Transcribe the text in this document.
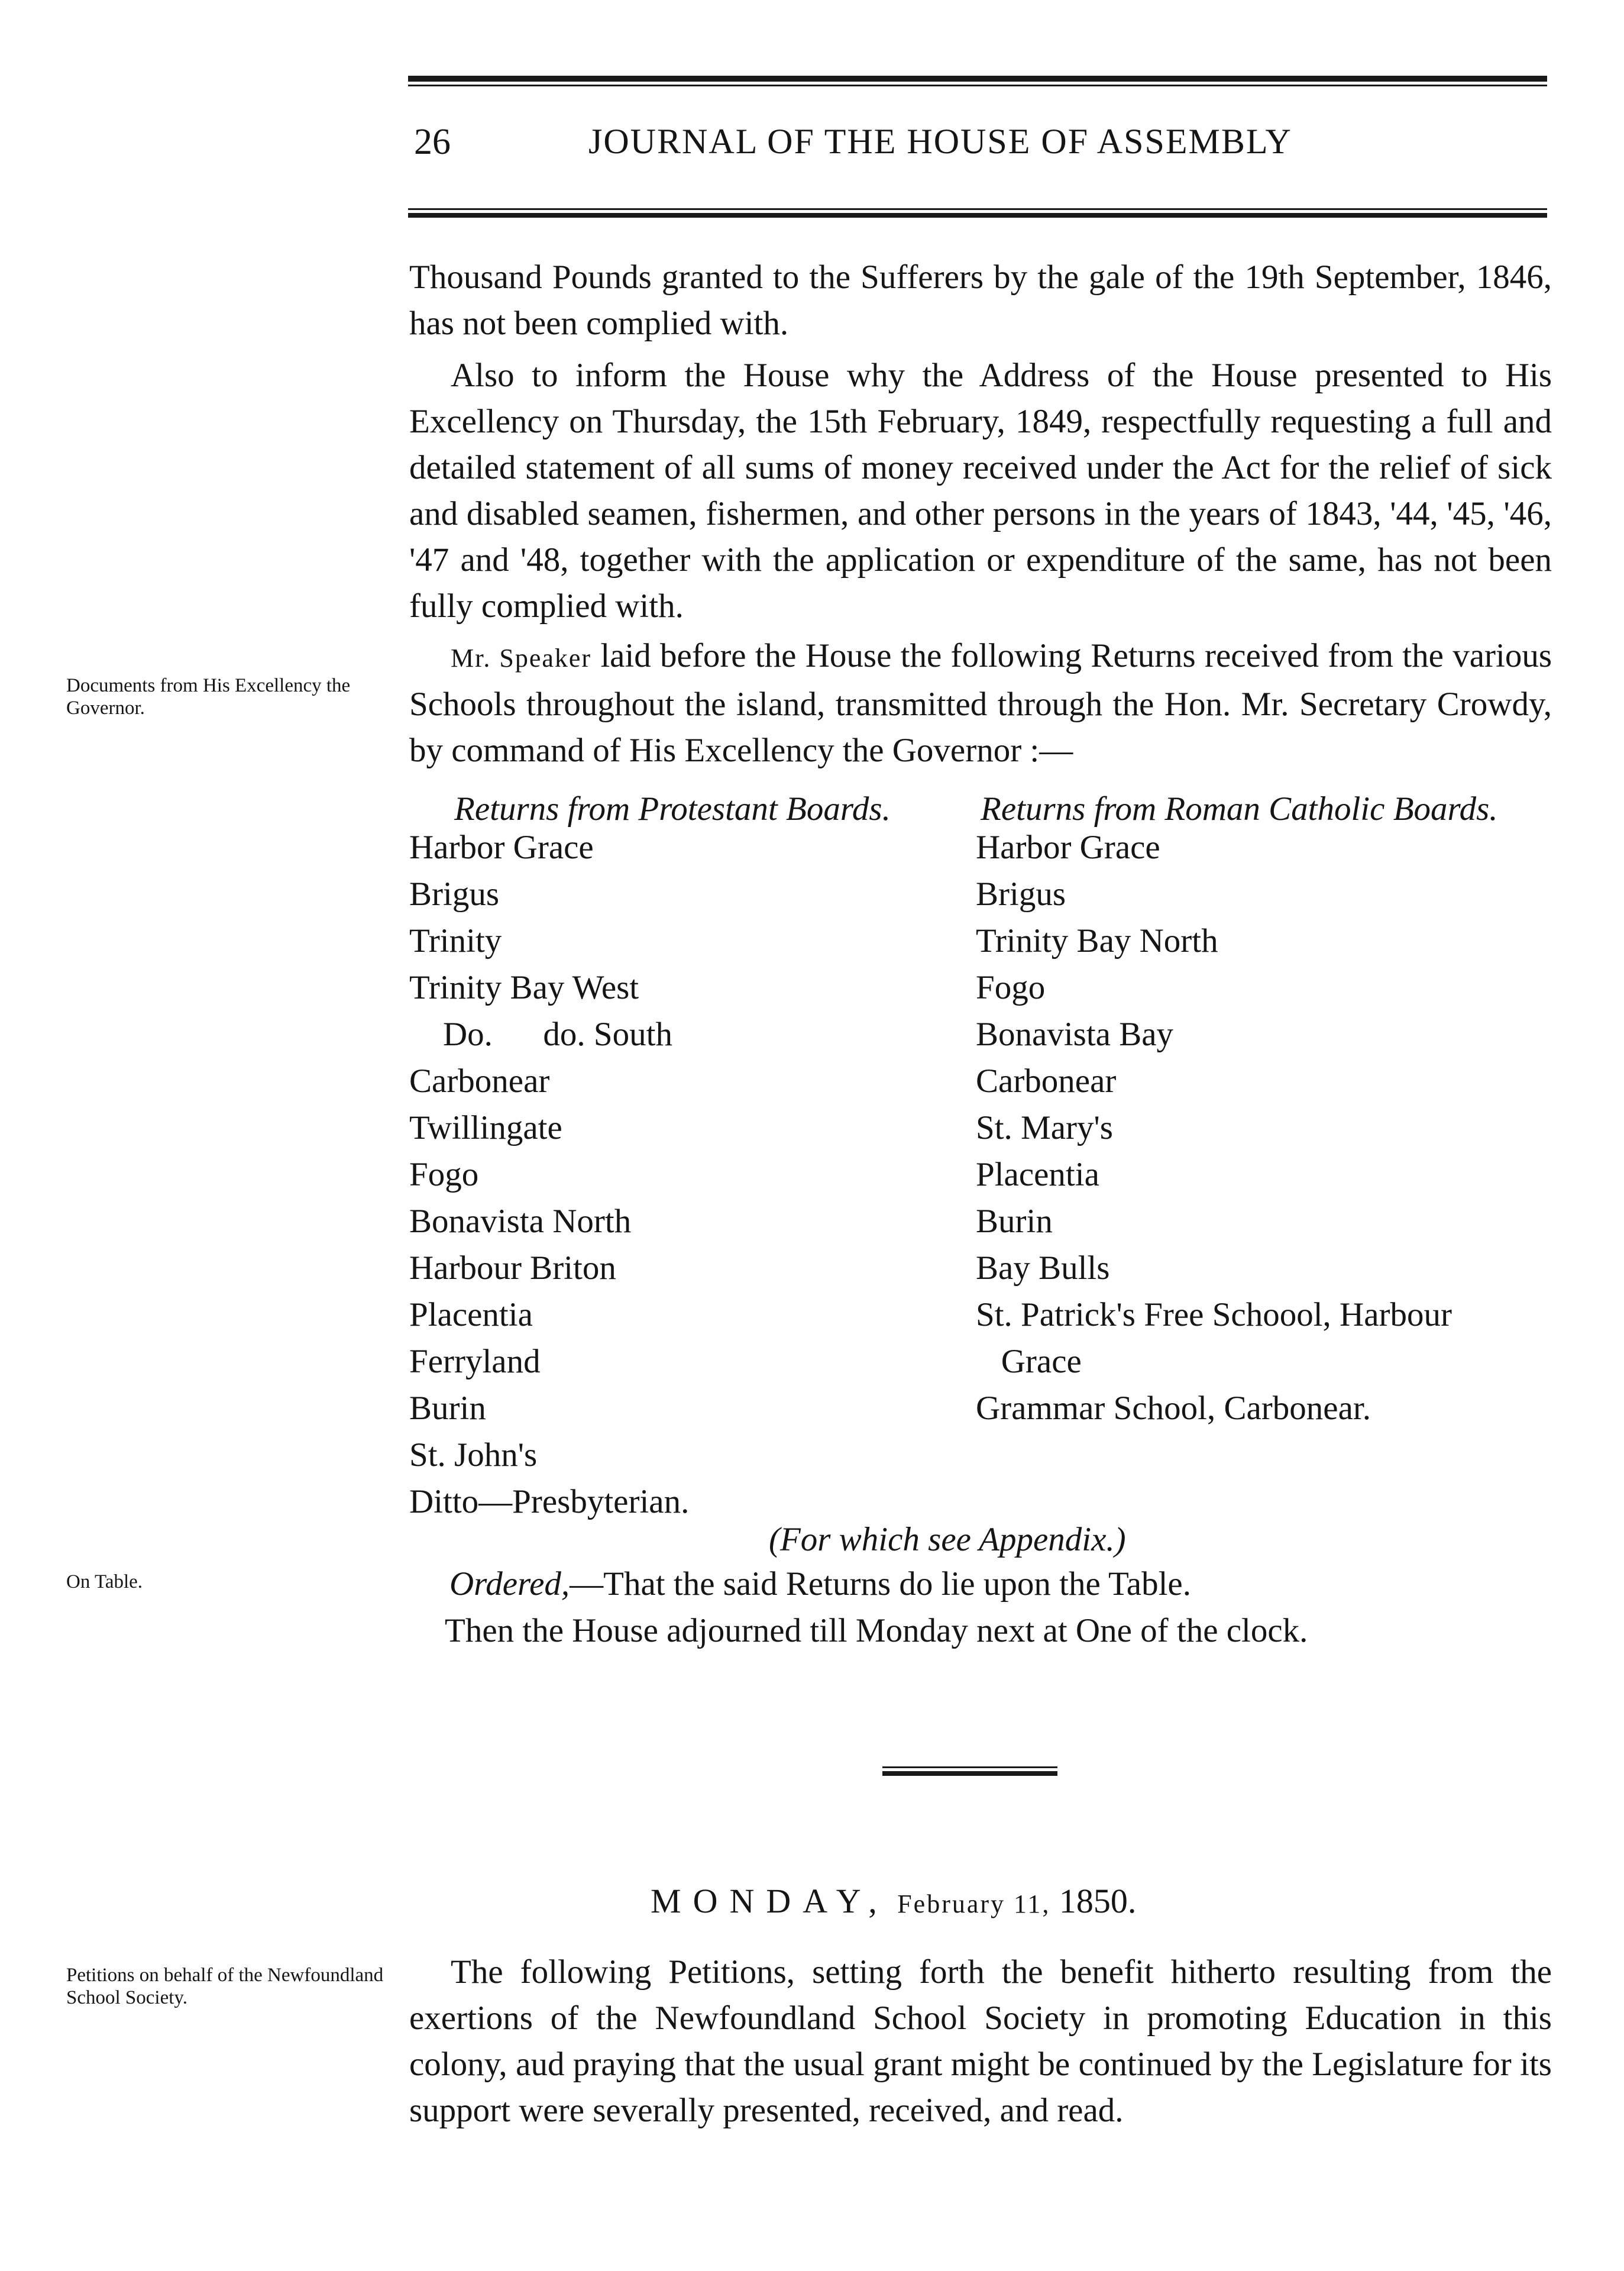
26	JOURNAL OF THE HOUSE OF ASSEMBLY

Thousand Pounds granted to the Sufferers by the gale of the 19th September, 1846, has not been complied with.

Also to inform the House why the Address of the House presented to His Excellency on Thursday, the 15th February, 1849, respectfully requesting a full and detailed statement of all sums of money received under the Act for the relief of sick and disabled seamen, fishermen, and other persons in the years of 1843, '44, '45, '46, '47 and '48, together with the application or expenditure of the same, has not been fully complied with.

Mr. Speaker laid before the House the following Returns received from the various Schools throughout the island, transmitted through the Hon. Mr. Secretary Crowdy, by command of His Excellency the Governor :—

Documents from His Excellency the Governor.
On Table.
Petitions on behalf of the Newfoundland School Society.
Returns from Protestant Boards.	Returns from Roman Catholic Boards.
Harbor Grace
Brigus
Trinity
Trinity Bay West
 Do.   do. South
Carbonear
Twillingate
Fogo
Bonavista North
Harbour Briton
Placentia
Ferryland
Burin
St. John's
Ditto—Presbyterian.
Harbor Grace
Brigus
Trinity Bay North
Fogo
Bonavista Bay
Carbonear
St. Mary's
Placentia
Burin
Bay Bulls
St. Patrick's Free Schoool, Harbour
Grace
Grammar School, Carbonear.
(For which see Appendix.)
Ordered,—That the said Returns do lie upon the Table.
Then the House adjourned till Monday next at One of the clock.
MONDAY, February 11, 1850.

The following Petitions, setting forth the benefit hitherto resulting from the exertions of the Newfoundland School Society in promoting Education in this colony, aud praying that the usual grant might be continued by the Legislature for its support were severally presented, received, and read.
